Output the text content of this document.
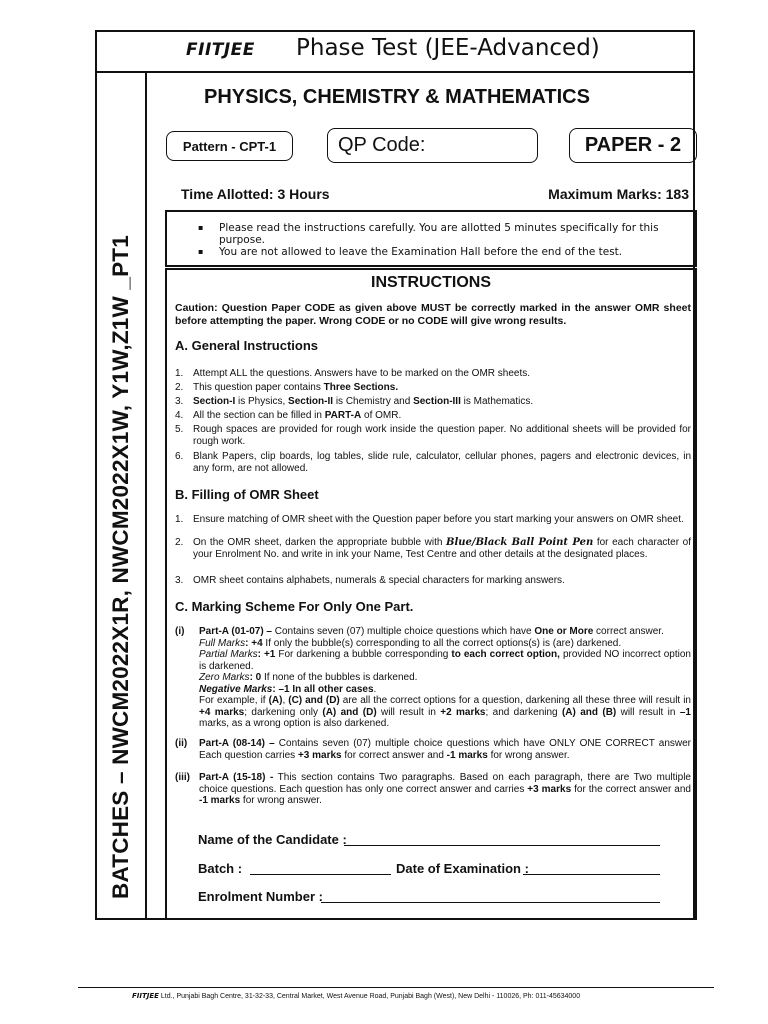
FIITJEE Phase Test (JEE-Advanced)
BATCHES – NWCM2022X1R, NWCM2022X1W, Y1W,Z1W _PT1
PHYSICS, CHEMISTRY & MATHEMATICS
Pattern - CPT-1	QP Code:	PAPER - 2
Time Allotted: 3 Hours	Maximum Marks: 183
▪ Please read the instructions carefully. You are allotted 5 minutes specifically for this purpose.
▪ You are not allowed to leave the Examination Hall before the end of the test.
INSTRUCTIONS
Caution: Question Paper CODE as given above MUST be correctly marked in the answer OMR sheet before attempting the paper. Wrong CODE or no CODE will give wrong results.
A. General Instructions
1. Attempt ALL the questions. Answers have to be marked on the OMR sheets.
2. This question paper contains Three Sections.
3. Section-I is Physics, Section-II is Chemistry and Section-III is Mathematics.
4. All the section can be filled in PART-A of OMR.
5. Rough spaces are provided for rough work inside the question paper. No additional sheets will be provided for rough work.
6. Blank Papers, clip boards, log tables, slide rule, calculator, cellular phones, pagers and electronic devices, in any form, are not allowed.
B. Filling of OMR Sheet
1. Ensure matching of OMR sheet with the Question paper before you start marking your answers on OMR sheet.
2. On the OMR sheet, darken the appropriate bubble with Blue/Black Ball Point Pen for each character of your Enrolment No. and write in ink your Name, Test Centre and other details at the designated places.
3. OMR sheet contains alphabets, numerals & special characters for marking answers.
C. Marking Scheme For Only One Part.
(i) Part-A (01-07) – Contains seven (07) multiple choice questions which have One or More correct answer.
Full Marks: +4 If only the bubble(s) corresponding to all the correct options(s) is (are) darkened.
Partial Marks: +1 For darkening a bubble corresponding to each correct option, provided NO incorrect option is darkened.
Zero Marks: 0 If none of the bubbles is darkened.
Negative Marks: –1 In all other cases.
For example, if (A), (C) and (D) are all the correct options for a question, darkening all these three will result in +4 marks; darkening only (A) and (D) will result in +2 marks; and darkening (A) and (B) will result in –1 marks, as a wrong option is also darkened.
(ii) Part-A (08-14) – Contains seven (07) multiple choice questions which have ONLY ONE CORRECT answer Each question carries +3 marks for correct answer and -1 marks for wrong answer.
(iii) Part-A (15-18) - This section contains Two paragraphs. Based on each paragraph, there are Two multiple choice questions. Each question has only one correct answer and carries +3 marks for the correct answer and -1 marks for wrong answer.
Name of the Candidate :
Batch :	Date of Examination :
Enrolment Number :
FIITJEE Ltd., Punjabi Bagh Centre, 31-32-33, Central Market, West Avenue Road, Punjabi Bagh (West), New Delhi - 110026, Ph: 011-45634000
